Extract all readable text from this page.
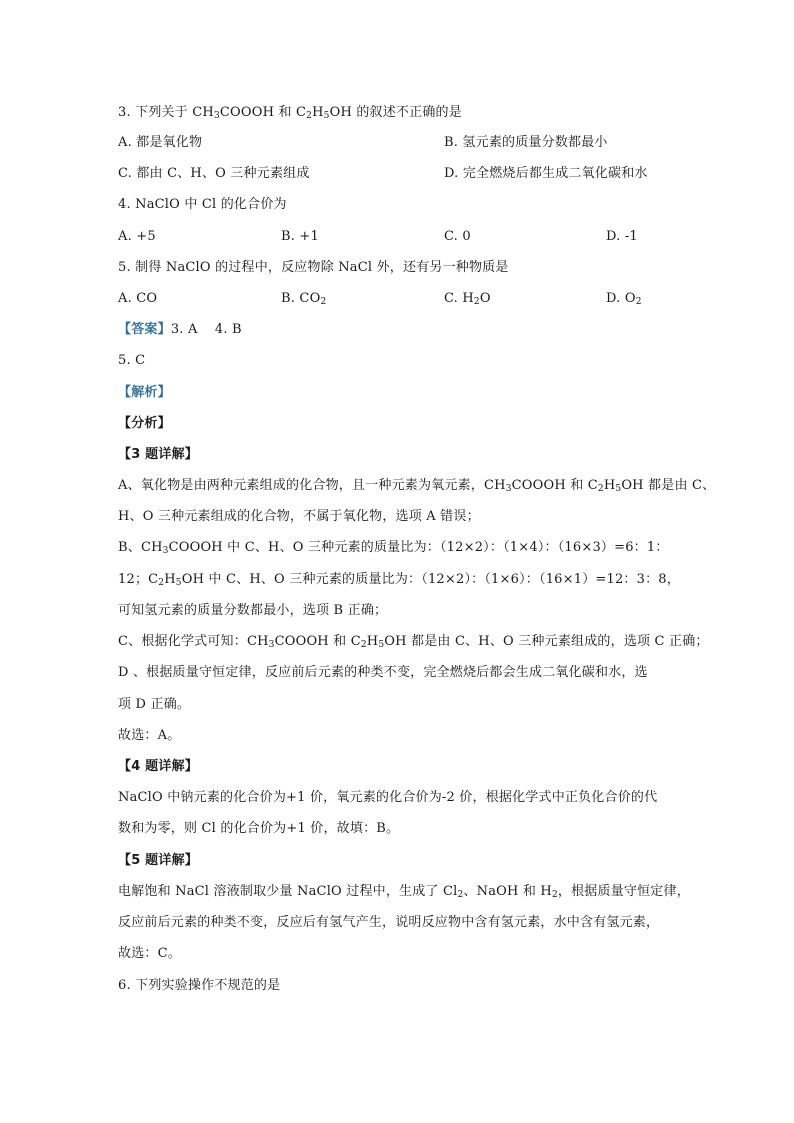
3. 下列关于 $CH_3COOOH$ 和 $C_2H_5OH$ 的叙述不正确的是
A. 都是氧化物	B. 氢元素的质量分数都最小
C. 都由 C、H、O 三种元素组成	D. 完全燃烧后都生成二氧化碳和水
4. NaClO 中 Cl 的化合价为
A. +5	B. +1	C. 0	D. -1
5. 制得 NaClO 的过程中，反应物除 NaCl 外，还有另一种物质是
A. CO	B. $CO_2$	C. $H_2O$	D. $O_2$
【答案】3. A    4. B
5. C
【解析】
【分析】
【3 题详解】
A、氧化物是由两种元素组成的化合物，且一种元素为氧元素，$CH_3COOOH$ 和 $C_2H_5OH$ 都是由 C、
H、O 三种元素组成的化合物，不属于氧化物，选项 A 错误；
B、$CH_3COOOH$ 中 C、H、O 三种元素的质量比为：（12×2）：（1×4）：（16×3）=6：1：
12；$C_2H_5OH$ 中 C、H、O 三种元素的质量比为：（12×2）：（1×6）：（16×1）=12：3：8，
可知氢元素的质量分数都最小，选项 B 正确；
C、根据化学式可知：$CH_3COOOH$ 和 $C_2H_5OH$ 都是由 C、H、O 三种元素组成的，选项 C 正确；
D 、根据质量守恒定律，反应前后元素的种类不变，完全燃烧后都会生成二氧化碳和水，选
项 D 正确。
故选：A。
【4 题详解】
NaClO 中钠元素的化合价为+1 价，氧元素的化合价为-2 价，根据化学式中正负化合价的代
数和为零，则 Cl 的化合价为+1 价，故填：B。
【5 题详解】
电解饱和 NaCl 溶液制取少量 NaClO 过程中，生成了 $Cl_2$、NaOH 和 $H_2$，根据质量守恒定律，
反应前后元素的种类不变，反应后有氢气产生，说明反应物中含有氢元素，水中含有氢元素，
故选：C。
6. 下列实验操作不规范的是
